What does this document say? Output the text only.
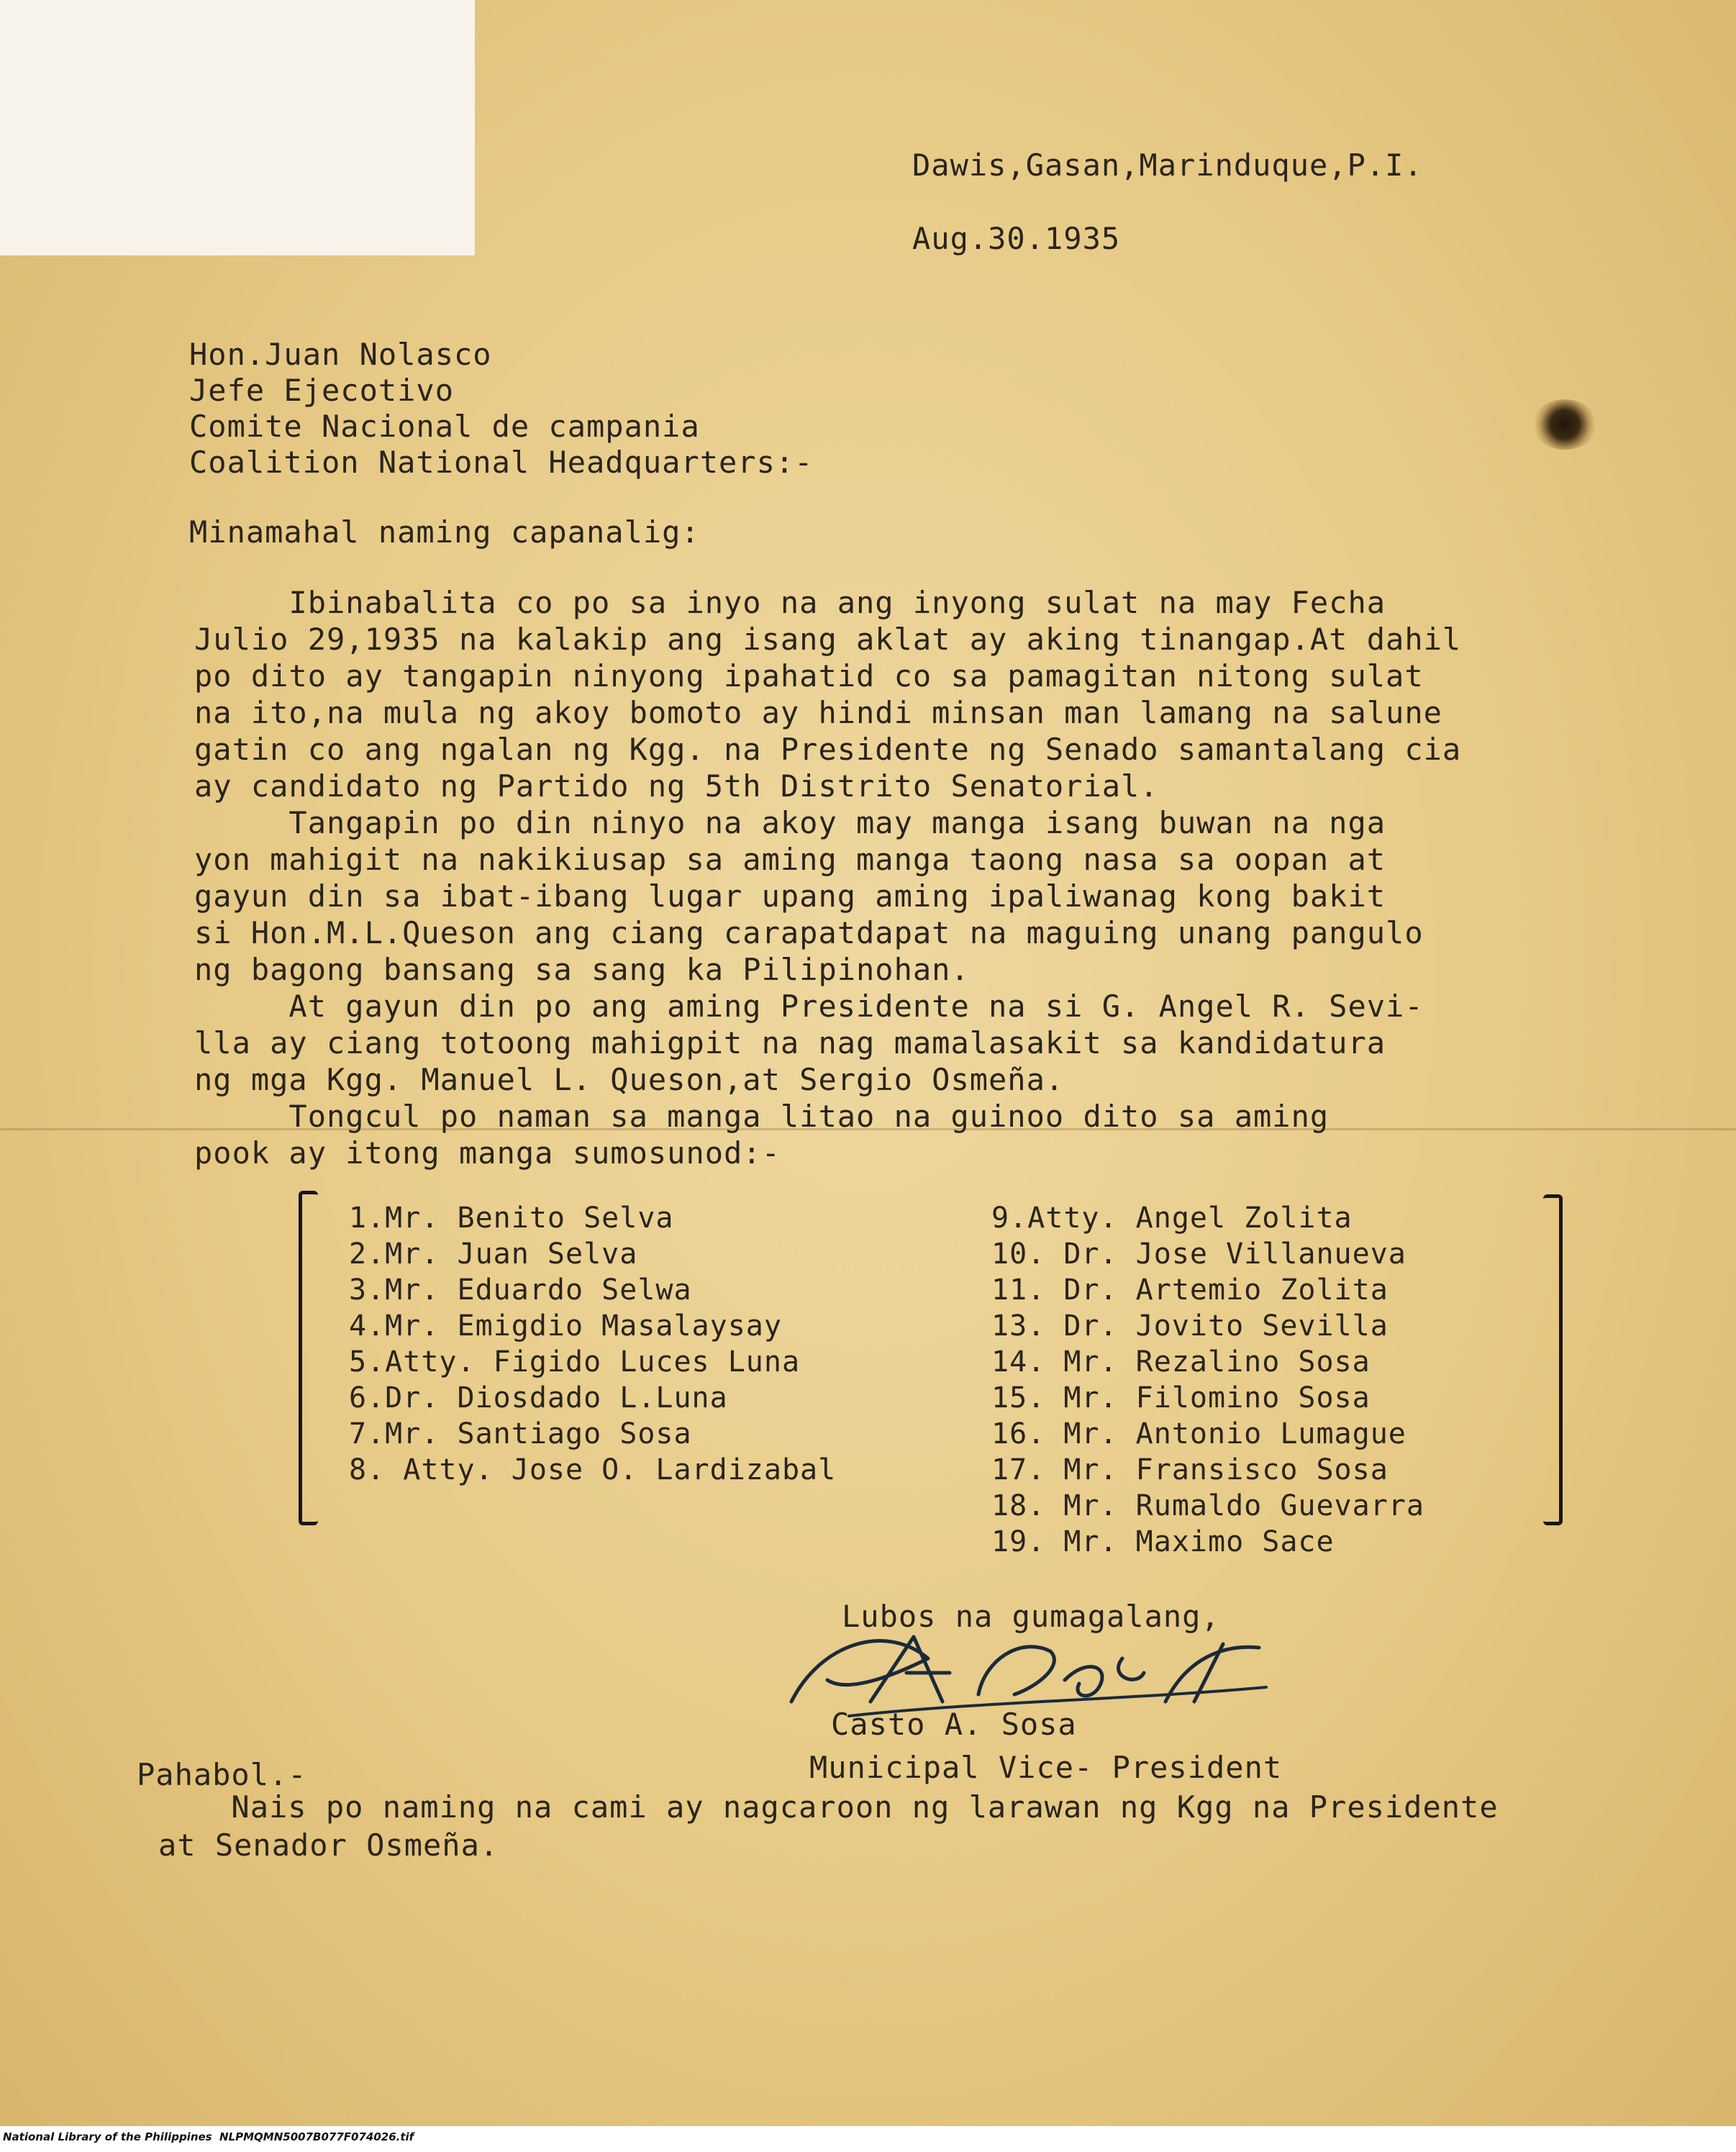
Dawis,Gasan,Marinduque,P.I.
Aug.30.1935
Hon.Juan Nolasco
Jefe Ejecotivo
Comite Nacional de campania
Coalition National Headquarters:-
Minamahal naming capanalig:

Ibinabalita co po sa inyo na ang inyong sulat na may Fecha

Julio 29,1935 na kalakip ang isang aklat ay aking tinangap.At dahil

po dito ay tangapin ninyong ipahatid co sa pamagitan nitong sulat

na ito,na mula ng akoy bomoto ay hindi minsan man lamang na salune

gatin co ang ngalan ng Kgg. na Presidente ng Senado samantalang cia

ay candidato ng Partido ng 5th Distrito Senatorial.

Tangapin po din ninyo na akoy may manga isang buwan na nga

yon mahigit na nakikiusap sa aming manga taong nasa sa oopan at

gayun din sa ibat-ibang lugar upang aming ipaliwanag kong bakit

si Hon.M.L.Queson ang ciang carapatdapat na maguing unang pangulo

ng bagong bansang sa sang ka Pilipinohan.

At gayun din po ang aming Presidente na si G. Angel R. Sevi-

lla ay ciang totoong mahigpit na nag mamalasakit sa kandidatura

ng mga Kgg. Manuel L. Queson,at Sergio Osmeña.

Tongcul po naman sa manga litao na guinoo dito sa aming

pook ay itong manga sumosunod:-

1.Mr. Benito Selva
2.Mr. Juan Selva
3.Mr. Eduardo Selwa
4.Mr. Emigdio Masalaysay
5.Atty. Figido Luces Luna
6.Dr. Diosdado L.Luna
7.Mr. Santiago Sosa
8. Atty. Jose O. Lardizabal
9.Atty. Angel Zolita
10. Dr. Jose Villanueva
11. Dr. Artemio Zolita
13. Dr. Jovito Sevilla
14. Mr. Rezalino Sosa
15. Mr. Filomino Sosa
16. Mr. Antonio Lumague
17. Mr. Fransisco Sosa
18. Mr. Rumaldo Guevarra
19. Mr. Maximo Sace
Lubos na gumagalang,
Casto A. Sosa
Municipal Vice- President
Pahabol.-
Nais po naming na cami ay nagcaroon ng larawan ng Kgg na Presidente
at Senador Osmeña.
National Library of the Philippines NLPMQMN5007B077F074026.tif
